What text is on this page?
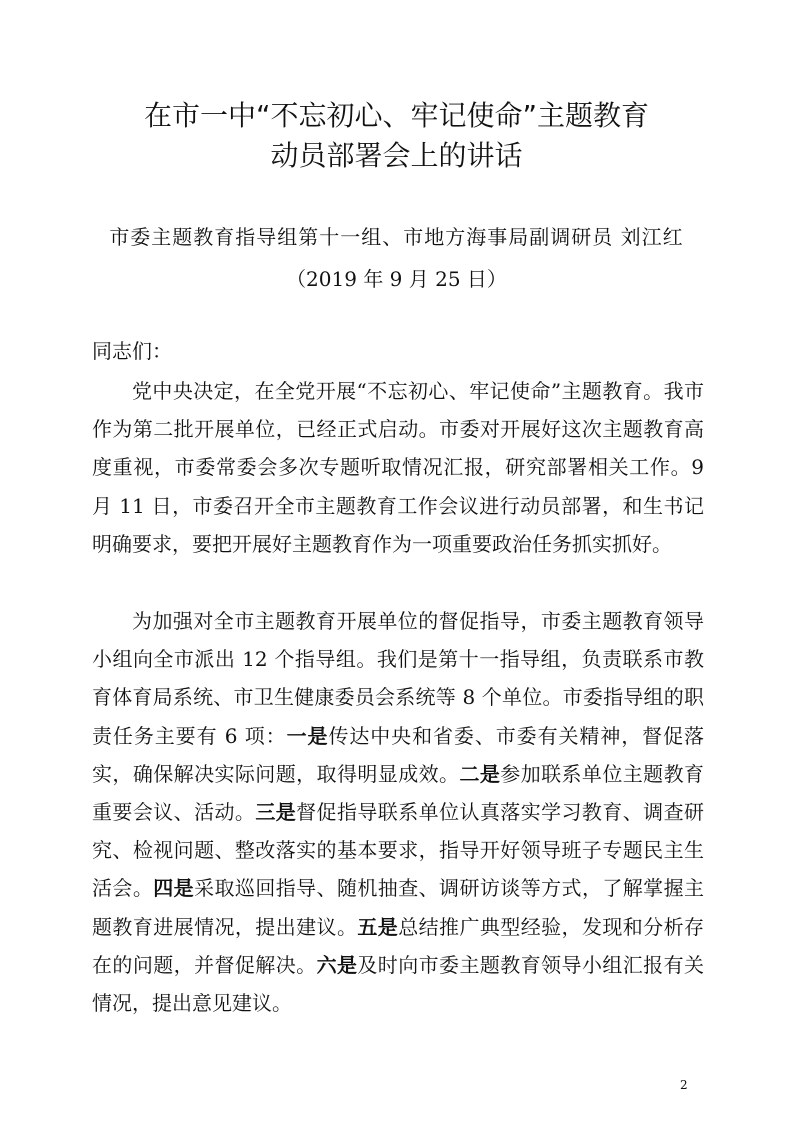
在市一中“不忘初心、牢记使命”主题教育
动员部署会上的讲话
市委主题教育指导组第十一组、市地方海事局副调研员 刘江红
（2019 年 9 月 25 日）
同志们：

党中央决定，在全党开展“不忘初心、牢记使命”主题教育。我市作为第二批开展单位，已经正式启动。市委对开展好这次主题教育高度重视，市委常委会多次专题听取情况汇报，研究部署相关工作。9 月 11 日，市委召开全市主题教育工作会议进行动员部署，和生书记明确要求，要把开展好主题教育作为一项重要政治任务抓实抓好。

为加强对全市主题教育开展单位的督促指导，市委主题教育领导小组向全市派出 12 个指导组。我们是第十一指导组，负责联系市教育体育局系统、市卫生健康委员会系统等 8 个单位。市委指导组的职责任务主要有 6 项：一是传达中央和省委、市委有关精神，督促落实，确保解决实际问题，取得明显成效。二是参加联系单位主题教育重要会议、活动。三是督促指导联系单位认真落实学习教育、调查研究、检视问题、整改落实的基本要求，指导开好领导班子专题民主生活会。四是采取巡回指导、随机抽查、调研访谈等方式，了解掌握主题教育进展情况，提出建议。五是总结推广典型经验，发现和分析存在的问题，并督促解决。六是及时向市委主题教育领导小组汇报有关情况，提出意见建议。

2
